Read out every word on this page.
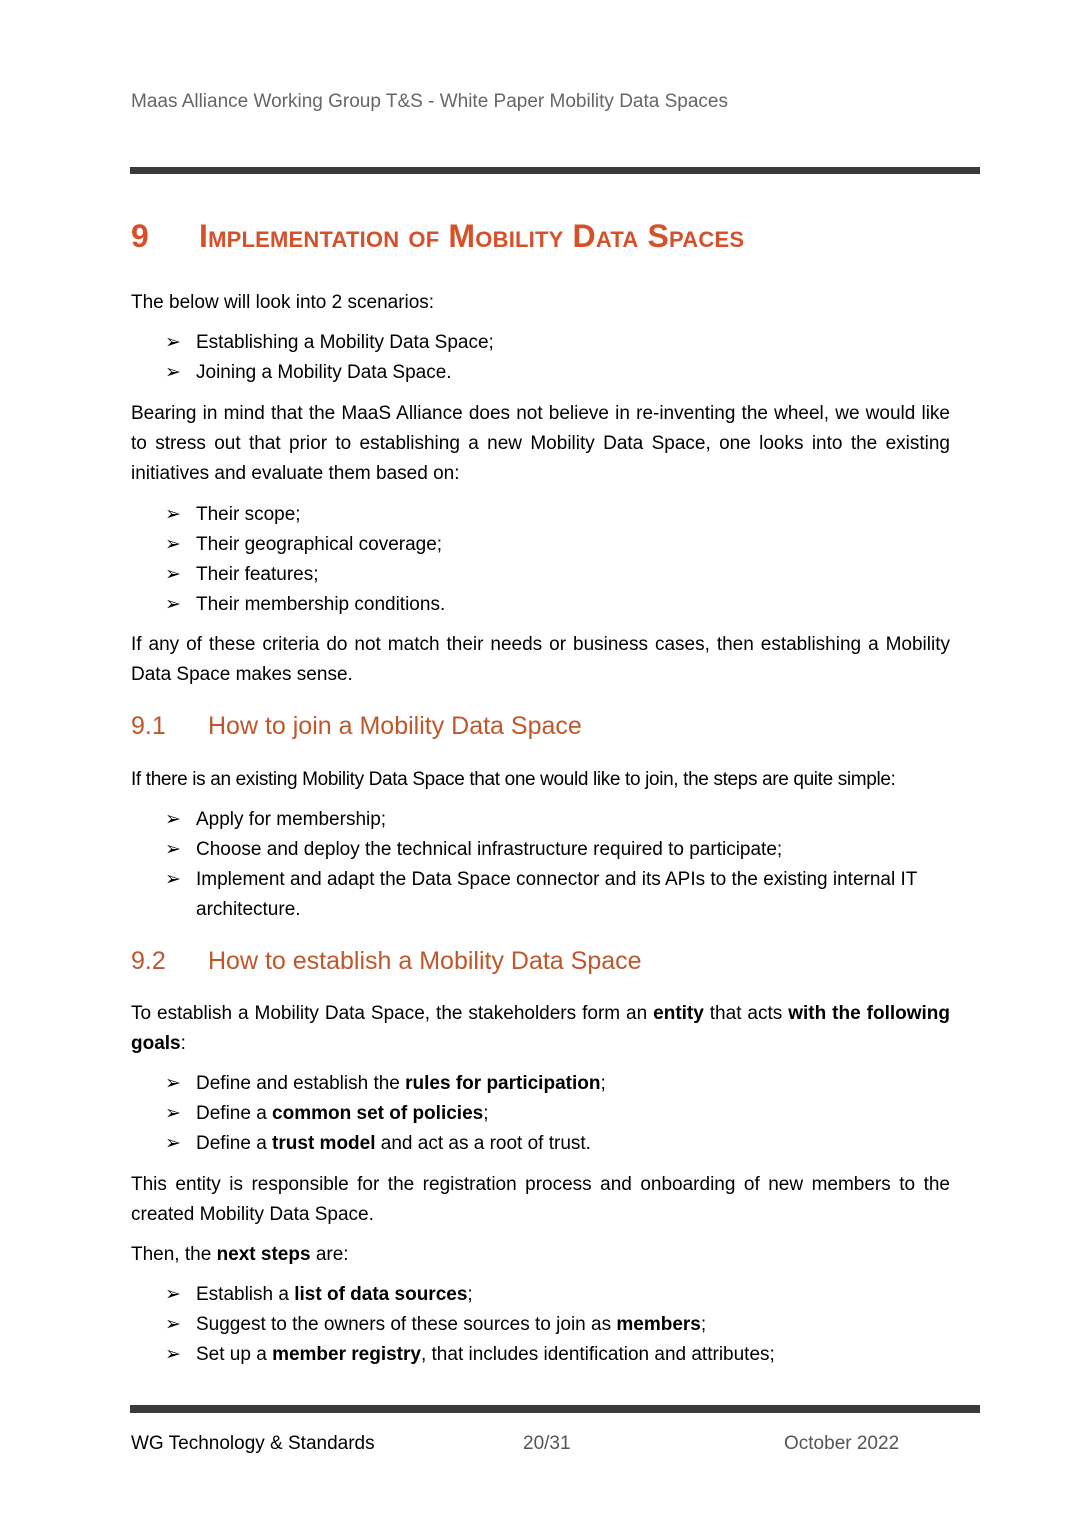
Maas Alliance Working Group T&S - White Paper Mobility Data Spaces
9 Implementation of Mobility Data Spaces
The below will look into 2 scenarios:
➢ Establishing a Mobility Data Space;
➢ Joining a Mobility Data Space.
Bearing in mind that the MaaS Alliance does not believe in re-inventing the wheel, we would like to stress out that prior to establishing a new Mobility Data Space, one looks into the existing initiatives and evaluate them based on:
➢ Their scope;
➢ Their geographical coverage;
➢ Their features;
➢ Their membership conditions.
If any of these criteria do not match their needs or business cases, then establishing a Mobility Data Space makes sense.
9.1 How to join a Mobility Data Space
If there is an existing Mobility Data Space that one would like to join, the steps are quite simple:
➢ Apply for membership;
➢ Choose and deploy the technical infrastructure required to participate;
➢ Implement and adapt the Data Space connector and its APIs to the existing internal IT architecture.
9.2 How to establish a Mobility Data Space
To establish a Mobility Data Space, the stakeholders form an entity that acts with the following goals:
➢ Define and establish the rules for participation;
➢ Define a common set of policies;
➢ Define a trust model and act as a root of trust.
This entity is responsible for the registration process and onboarding of new members to the created Mobility Data Space.
Then, the next steps are:
➢ Establish a list of data sources;
➢ Suggest to the owners of these sources to join as members;
➢ Set up a member registry, that includes identification and attributes;
WG Technology & Standards	20/31	October 2022
